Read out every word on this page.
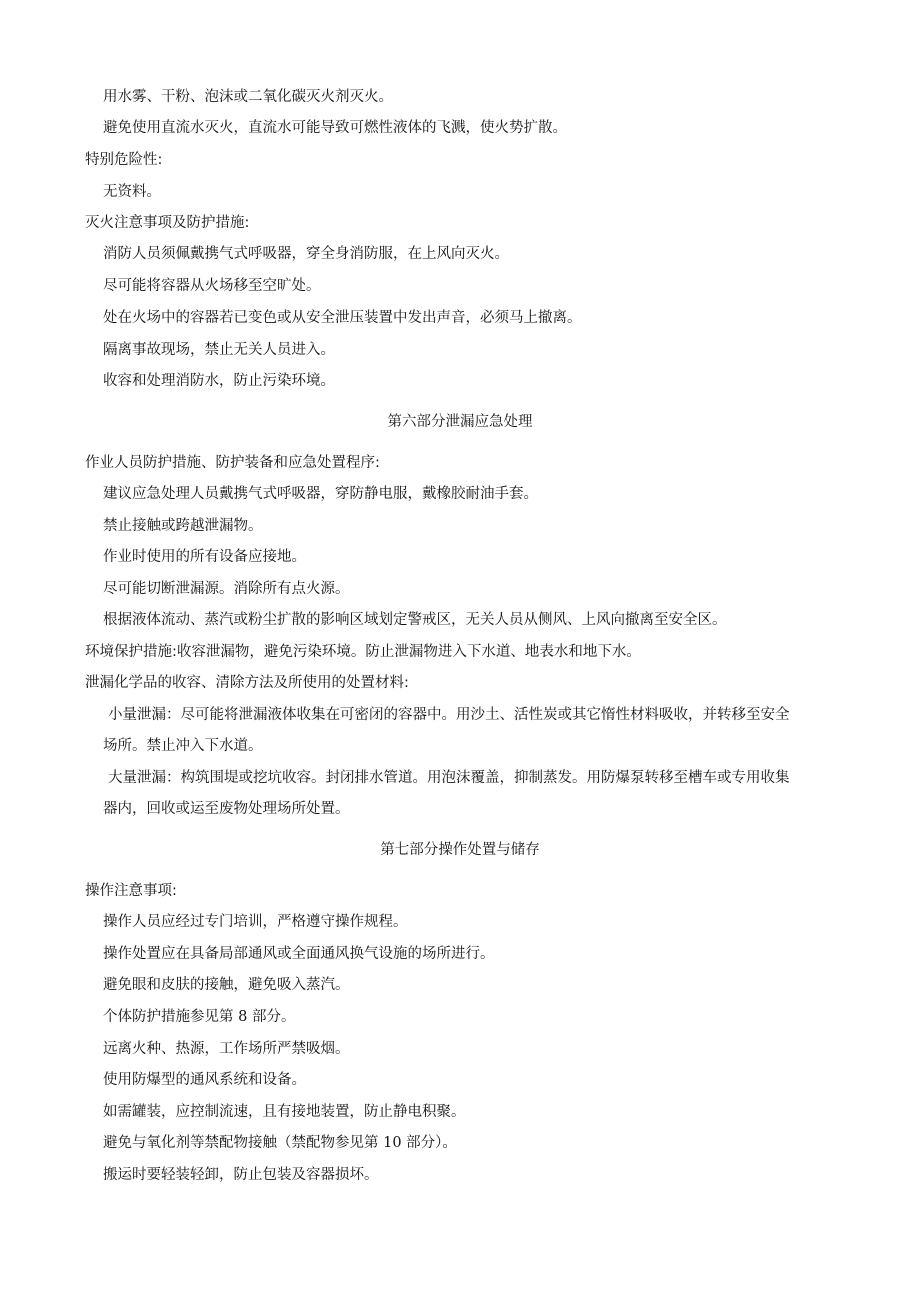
用水雾、干粉、泡沫或二氧化碳灭火剂灭火。
避免使用直流水灭火，直流水可能导致可燃性液体的飞溅，使火势扩散。
特别危险性:
无资料。
灭火注意事项及防护措施:
消防人员须佩戴携气式呼吸器，穿全身消防服，在上风向灭火。
尽可能将容器从火场移至空旷处。
处在火场中的容器若已变色或从安全泄压装置中发出声音，必须马上撤离。
隔离事故现场，禁止无关人员进入。
收容和处理消防水，防止污染环境。
第六部分泄漏应急处理
作业人员防护措施、防护装备和应急处置程序:
建议应急处理人员戴携气式呼吸器，穿防静电服，戴橡胶耐油手套。
禁止接触或跨越泄漏物。
作业时使用的所有设备应接地。
尽可能切断泄漏源。消除所有点火源。
根据液体流动、蒸汽或粉尘扩散的影响区域划定警戒区，无关人员从侧风、上风向撤离至安全区。
环境保护措施:收容泄漏物，避免污染环境。防止泄漏物进入下水道、地表水和地下水。
泄漏化学品的收容、清除方法及所使用的处置材料:
小量泄漏：尽可能将泄漏液体收集在可密闭的容器中。用沙土、活性炭或其它惰性材料吸收，并转移至安全
场所。禁止冲入下水道。
大量泄漏：构筑围堤或挖坑收容。封闭排水管道。用泡沫覆盖，抑制蒸发。用防爆泵转移至槽车或专用收集
器内，回收或运至废物处理场所处置。
第七部分操作处置与储存
操作注意事项:
操作人员应经过专门培训，严格遵守操作规程。
操作处置应在具备局部通风或全面通风换气设施的场所进行。
避免眼和皮肤的接触，避免吸入蒸汽。
个体防护措施参见第 8 部分。
远离火种、热源，工作场所严禁吸烟。
使用防爆型的通风系统和设备。
如需罐装，应控制流速，且有接地装置，防止静电积聚。
避免与氧化剂等禁配物接触（禁配物参见第 10 部分）。
搬运时要轻装轻卸，防止包装及容器损坏。
